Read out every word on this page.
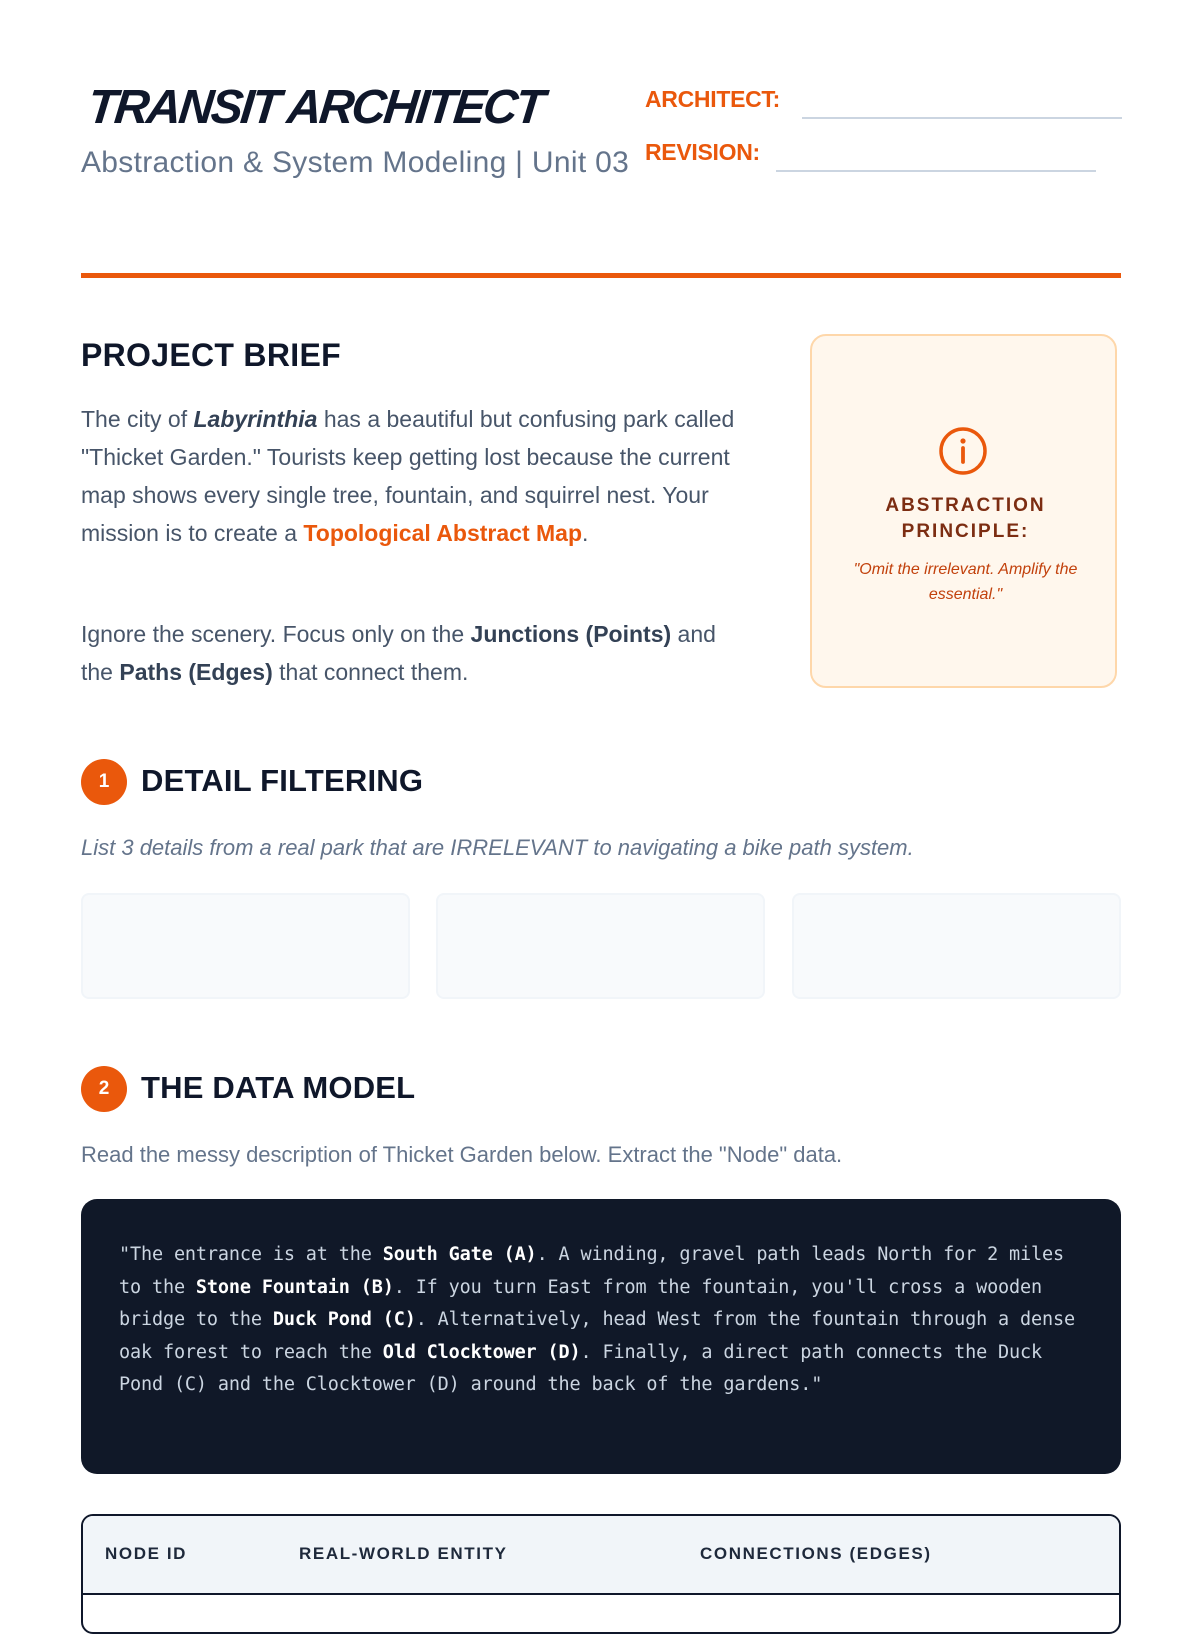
TRANSIT ARCHITECT

Abstraction & System Modeling | Unit 03

ARCHITECT:
REVISION:
PROJECT BRIEF

The city of Labyrinthia has a beautiful but confusing park called "Thicket Garden." Tourists keep getting lost because the current map shows every single tree, fountain, and squirrel nest. Your mission is to create a Topological Abstract Map.

Ignore the scenery. Focus only on the Junctions (Points) and the Paths (Edges) that connect them.

ABSTRACTION PRINCIPLE:

"Omit the irrelevant. Amplify the essential."

1	DETAIL FILTERING

List 3 details from a real park that are IRRELEVANT to navigating a bike path system.

2	THE DATA MODEL

Read the messy description of Thicket Garden below. Extract the "Node" data.

"The entrance is at the South Gate (A). A winding, gravel path leads North for 2 miles to the Stone Fountain (B). If you turn East from the fountain, you'll cross a wooden bridge to the Duck Pond (C). Alternatively, head West from the fountain through a dense oak forest to reach the Old Clocktower (D). Finally, a direct path connects the Duck Pond (C) and the Clocktower (D) around the back of the gardens."

NODE ID	REAL-WORLD ENTITY	CONNECTIONS (EDGES)
